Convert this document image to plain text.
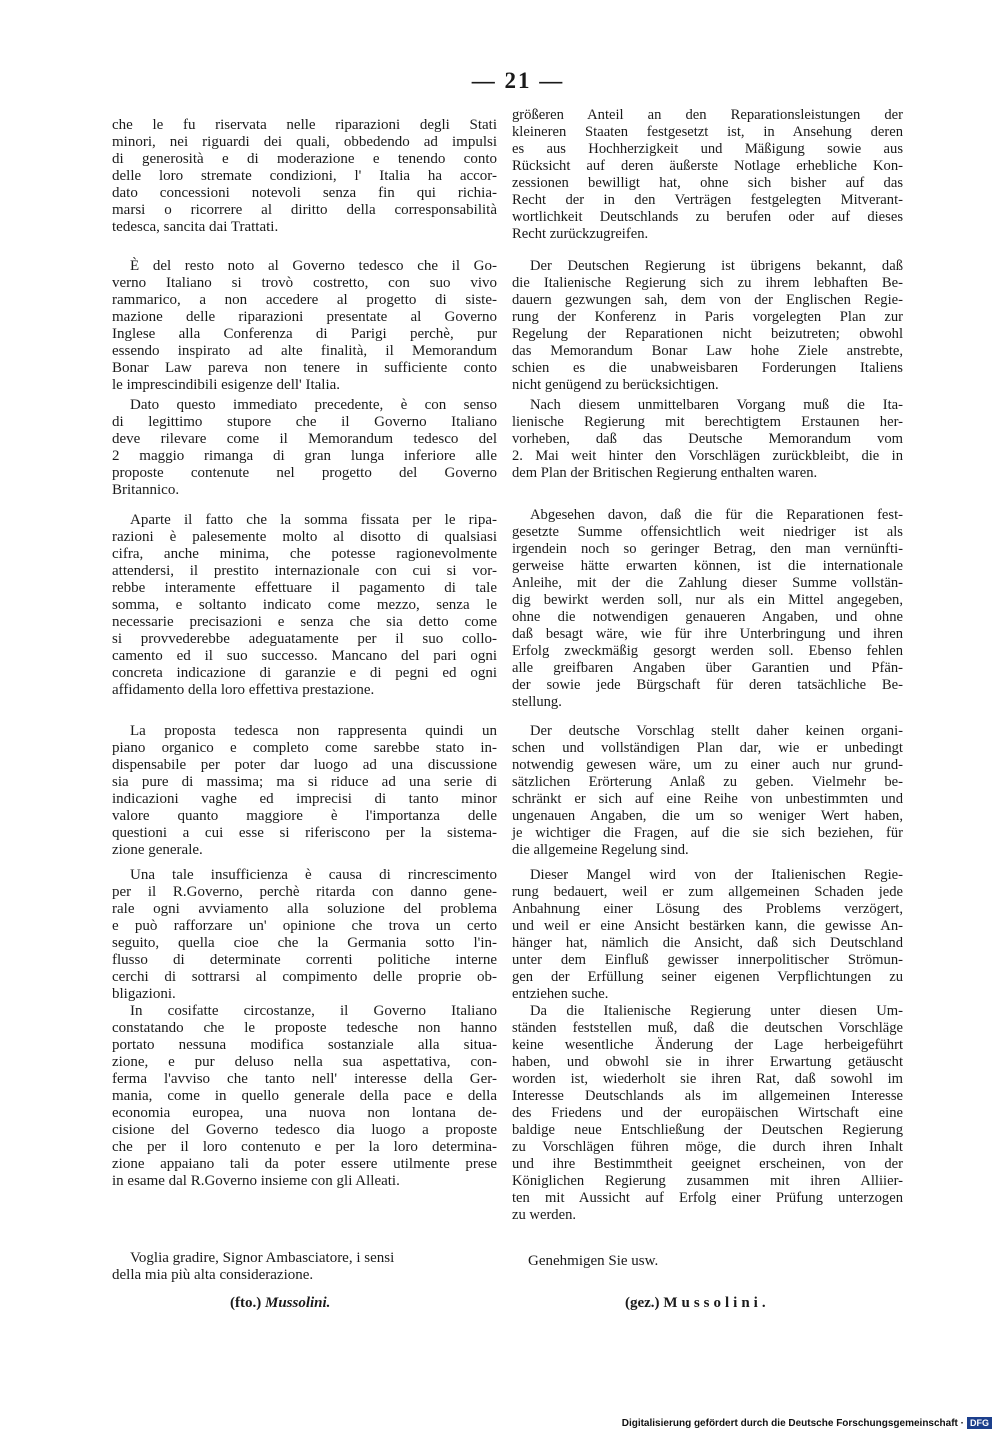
— 21 —
che le fu riservata nelle riparazioni degli Stati
minori, nei riguardi dei quali, obbedendo ad impulsi
di generosità e di moderazione e tenendo conto
delle loro stremate condizioni, l' Italia ha accor-
dato concessioni notevoli senza fin qui richia-
marsi o ricorrere al diritto della corresponsabilità
tedesca, sancita dai Trattati.
È del resto noto al Governo tedesco che il Go-
verno Italiano si trovò costretto, con suo vivo
rammarico, a non accedere al progetto di siste-
mazione delle riparazioni presentate al Governo
Inglese alla Conferenza di Parigi perchè, pur
essendo inspirato ad alte finalità, il Memorandum
Bonar Law pareva non tenere in sufficiente conto
le imprescindibili esigenze dell' Italia.
Dato questo immediato precedente, è con senso
di legittimo stupore che il Governo Italiano
deve rilevare come il Memorandum tedesco del
2 maggio rimanga di gran lunga inferiore alle
proposte contenute nel progetto del Governo
Britannico.
Aparte il fatto che la somma fissata per le ripa-
razioni è palesemente molto al disotto di qualsiasi
cifra, anche minima, che potesse ragionevolmente
attendersi, il prestito internazionale con cui si vor-
rebbe interamente effettuare il pagamento di tale
somma, e soltanto indicato come mezzo, senza le
necessarie precisazioni e senza che sia detto come
si provvederebbe adeguatamente per il suo collo-
camento ed il suo successo. Mancano del pari ogni
concreta indicazione di garanzie e di pegni ed ogni
affidamento della loro effettiva prestazione.
La proposta tedesca non rappresenta quindi un
piano organico e completo come sarebbe stato in-
dispensabile per poter dar luogo ad una discussione
sia pure di massima; ma si riduce ad una serie di
indicazioni vaghe ed imprecisi di tanto minor
valore quanto maggiore è l'importanza delle
questioni a cui esse si riferiscono per la sistema-
zione generale.
Una tale insufficienza è causa di rincrescimento
per il R.Governo, perchè ritarda con danno gene-
rale ogni avviamento alla soluzione del problema
e può rafforzare un' opinione che trova un certo
seguito, quella cioe che la Germania sotto l'in-
flusso di determinate correnti politiche interne
cerchi di sottrarsi al compimento delle proprie ob-
bligazioni.
In cosifatte circostanze, il Governo Italiano
constatando che le proposte tedesche non hanno
portato nessuna modifica sostanziale alla situa-
zione, e pur deluso nella sua aspettativa, con-
ferma l'avviso che tanto nell' interesse della Ger-
mania, come in quello generale della pace e della
economia europea, una nuova non lontana de-
cisione del Governo tedesco dia luogo a proposte
che per il loro contenuto e per la loro determina-
zione appaiano tali da poter essere utilmente prese
in esame dal R.Governo insieme con gli Alleati.
größeren Anteil an den Reparationsleistungen der
kleineren Staaten festgesetzt ist, in Ansehung deren
es aus Hochherzigkeit und Mäßigung sowie aus
Rücksicht auf deren äußerste Notlage erhebliche Kon-
zessionen bewilligt hat, ohne sich bisher auf das
Recht der in den Verträgen festgelegten Mitverant-
wortlichkeit Deutschlands zu berufen oder auf dieses
Recht zurückzugreifen.
Der Deutschen Regierung ist übrigens bekannt, daß
die Italienische Regierung sich zu ihrem lebhaften Be-
dauern gezwungen sah, dem von der Englischen Regie-
rung der Konferenz in Paris vorgelegten Plan zur
Regelung der Reparationen nicht beizutreten; obwohl
das Memorandum Bonar Law hohe Ziele anstrebte,
schien es die unabweisbaren Forderungen Italiens
nicht genügend zu berücksichtigen.
Nach diesem unmittelbaren Vorgang muß die Ita-
lienische Regierung mit berechtigtem Erstaunen her-
vorheben, daß das Deutsche Memorandum vom
2. Mai weit hinter den Vorschlägen zurückbleibt, die in
dem Plan der Britischen Regierung enthalten waren.
Abgesehen davon, daß die für die Reparationen fest-
gesetzte Summe offensichtlich weit niedriger ist als
irgendein noch so geringer Betrag, den man vernünfti-
gerweise hätte erwarten können, ist die internationale
Anleihe, mit der die Zahlung dieser Summe vollstän-
dig bewirkt werden soll, nur als ein Mittel angegeben,
ohne die notwendigen genaueren Angaben, und ohne
daß besagt wäre, wie für ihre Unterbringung und ihren
Erfolg zweckmäßig gesorgt werden soll. Ebenso fehlen
alle greifbaren Angaben über Garantien und Pfän-
der sowie jede Bürgschaft für deren tatsächliche Be-
stellung.
Der deutsche Vorschlag stellt daher keinen organi-
schen und vollständigen Plan dar, wie er unbedingt
notwendig gewesen wäre, um zu einer auch nur grund-
sätzlichen Erörterung Anlaß zu geben. Vielmehr be-
schränkt er sich auf eine Reihe von unbestimmten und
ungenauen Angaben, die um so weniger Wert haben,
je wichtiger die Fragen, auf die sie sich beziehen, für
die allgemeine Regelung sind.
Dieser Mangel wird von der Italienischen Regie-
rung bedauert, weil er zum allgemeinen Schaden jede
Anbahnung einer Lösung des Problems verzögert,
und weil er eine Ansicht bestärken kann, die gewisse An-
hänger hat, nämlich die Ansicht, daß sich Deutschland
unter dem Einfluß gewisser innerpolitischer Strömun-
gen der Erfüllung seiner eigenen Verpflichtungen zu
entziehen suche.
Da die Italienische Regierung unter diesen Um-
ständen feststellen muß, daß die deutschen Vorschläge
keine wesentliche Änderung der Lage herbeigeführt
haben, und obwohl sie in ihrer Erwartung getäuscht
worden ist, wiederholt sie ihren Rat, daß sowohl im
Interesse Deutschlands als im allgemeinen Interesse
des Friedens und der europäischen Wirtschaft eine
baldige neue Entschließung der Deutschen Regierung
zu Vorschlägen führen möge, die durch ihren Inhalt
und ihre Bestimmtheit geeignet erscheinen, von der
Königlichen Regierung zusammen mit ihren Alliier-
ten mit Aussicht auf Erfolg einer Prüfung unterzogen
zu werden.
Voglia gradire, Signor Ambasciatore, i sensi
della mia più alta considerazione.
(fto.) Mussolini.
Genehmigen Sie usw.
(gez.) Mussolini.
Digitalisierung gefördert durch die Deutsche Forschungsgemeinschaft · DFG
